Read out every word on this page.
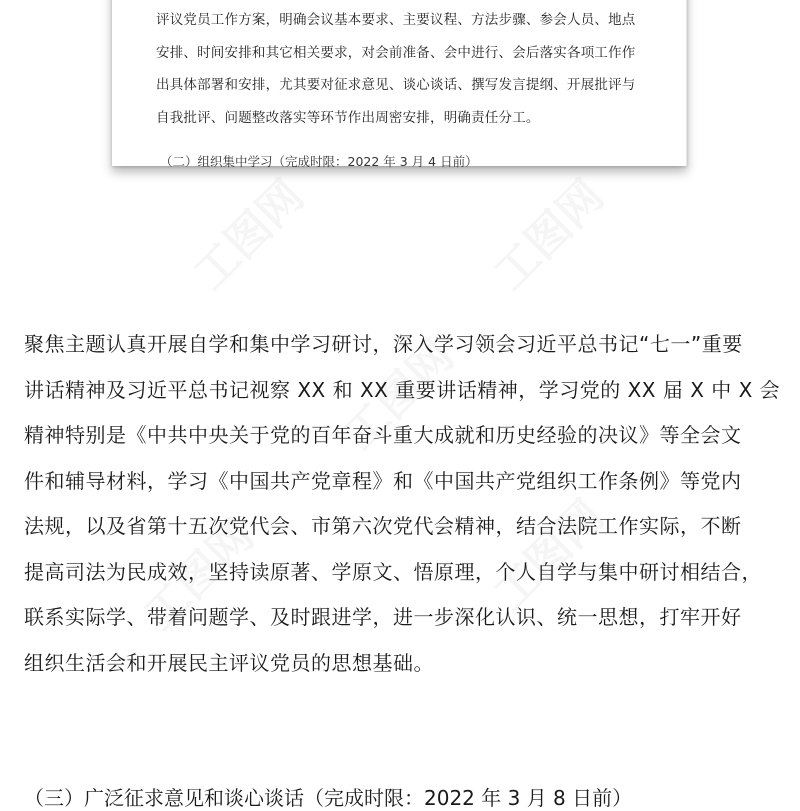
工图网	工图网
工图网
工图网	工图网
评议党员工作方案，明确会议基本要求、主要议程、方法步骤、参会人员、地点
安排、时间安排和其它相关要求，对会前准备、会中进行、会后落实各项工作作
出具体部署和安排，尤其要对征求意见、谈心谈话、撰写发言提纲、开展批评与
自我批评、问题整改落实等环节作出周密安排，明确责任分工。
（二）组织集中学习（完成时限：2022 年 3 月 4 日前）
聚焦主题认真开展自学和集中学习研讨，深入学习领会习近平总书记“七一”重要
讲话精神及习近平总书记视察 XX 和 XX 重要讲话精神，学习党的 XX 届 X 中 X 会
精神特别是《中共中央关于党的百年奋斗重大成就和历史经验的决议》等全会文
件和辅导材料，学习《中国共产党章程》和《中国共产党组织工作条例》等党内
法规，以及省第十五次党代会、市第六次党代会精神，结合法院工作实际，不断
提高司法为民成效，坚持读原著、学原文、悟原理，个人自学与集中研讨相结合，
联系实际学、带着问题学、及时跟进学，进一步深化认识、统一思想，打牢开好
组织生活会和开展民主评议党员的思想基础。
（三）广泛征求意见和谈心谈话（完成时限：2022 年 3 月 8 日前）
